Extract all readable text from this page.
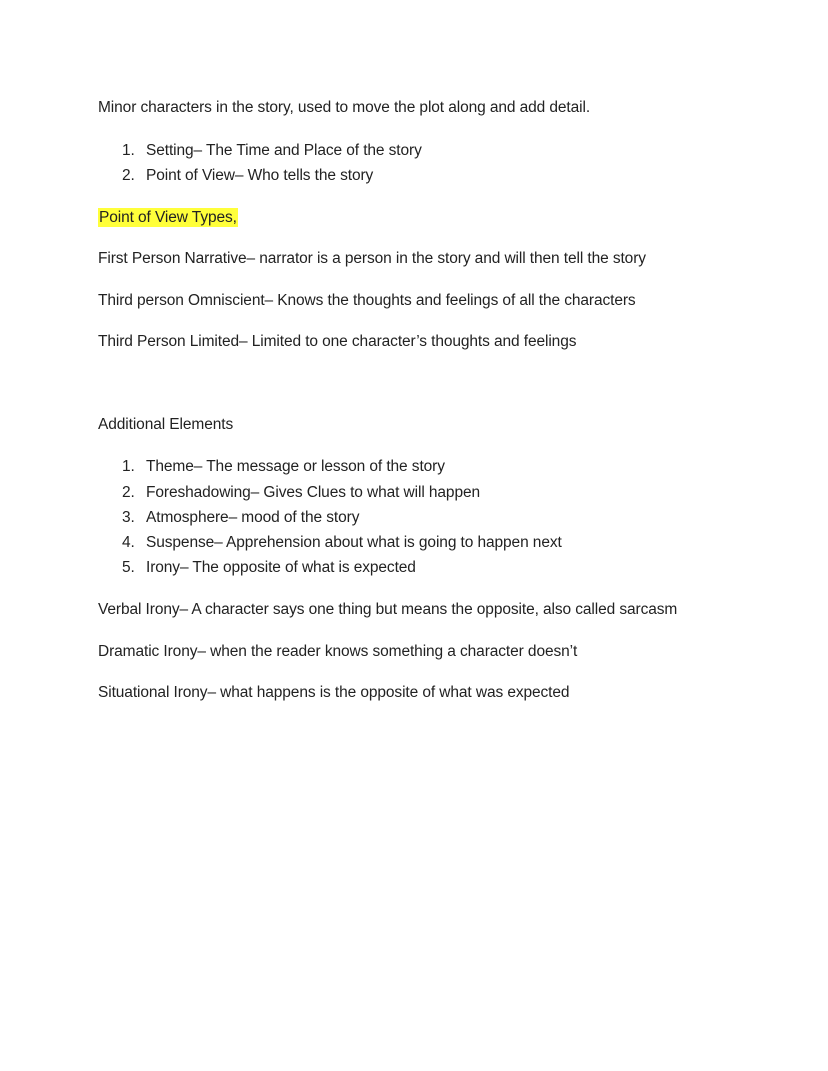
Minor characters in the story, used to move the plot along and add detail.
1. Setting– The Time and Place of the story
2. Point of View– Who tells the story
Point of View Types,
First Person Narrative– narrator is a person in the story and will then tell the story
Third person Omniscient– Knows the thoughts and feelings of all the characters
Third Person Limited– Limited to one character’s thoughts and feelings
Additional Elements
1. Theme– The message or lesson of the story
2. Foreshadowing– Gives Clues to what will happen
3. Atmosphere– mood of the story
4. Suspense– Apprehension about what is going to happen next
5. Irony– The opposite of what is expected
Verbal Irony– A character says one thing but means the opposite, also called sarcasm
Dramatic Irony– when the reader knows something a character doesn’t
Situational Irony– what happens is the opposite of what was expected
